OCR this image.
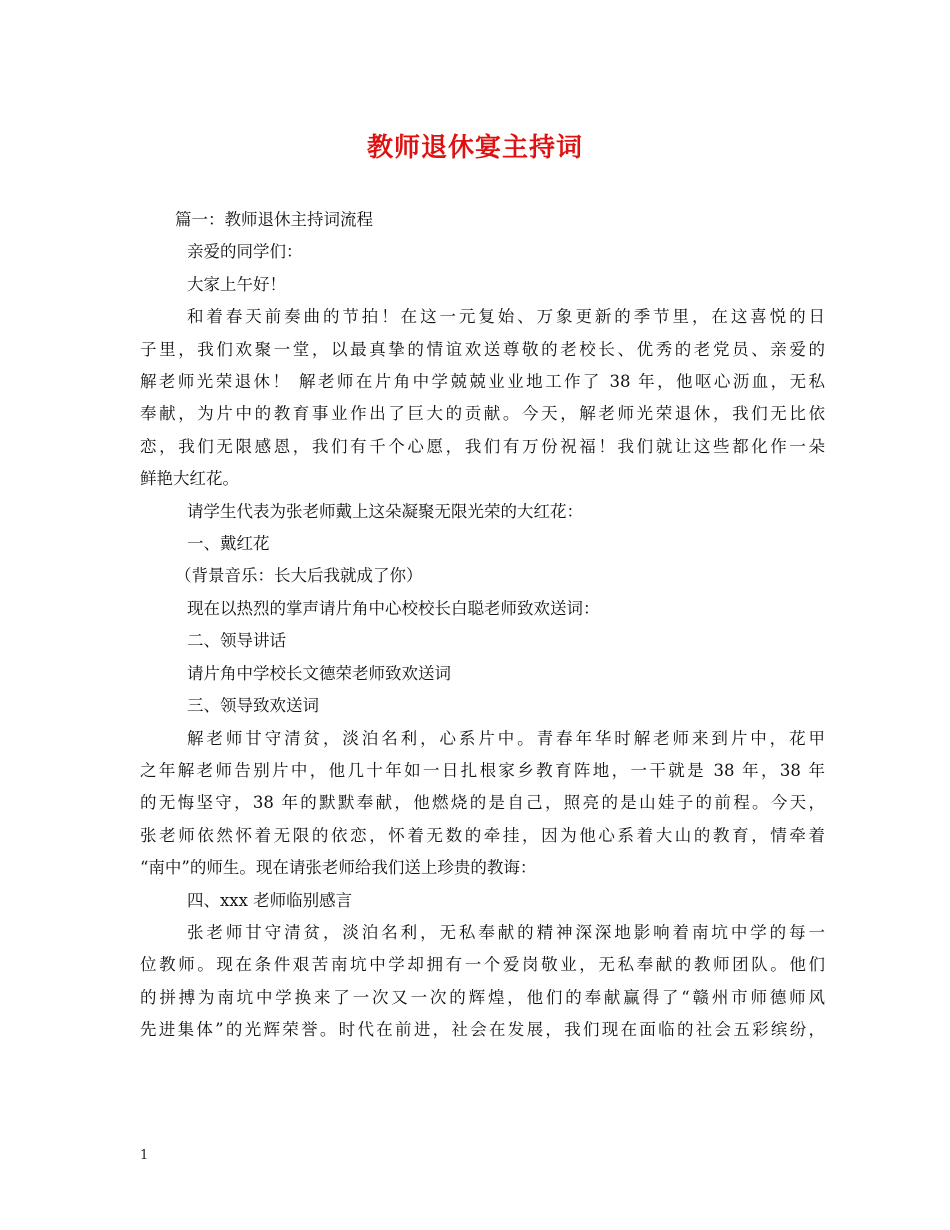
教师退休宴主持词
篇一：教师退休主持词流程
亲爱的同学们：
大家上午好！
和着春天前奏曲的节拍！在这一元复始、万象更新的季节里，在这喜悦的日
子里，我们欢聚一堂，以最真挚的情谊欢送尊敬的老校长、优秀的老党员、亲爱的
解老师光荣退休！ 解老师在片角中学兢兢业业地工作了 38 年，他呕心沥血，无私
奉献，为片中的教育事业作出了巨大的贡献。今天，解老师光荣退休，我们无比依
恋，我们无限感恩，我们有千个心愿，我们有万份祝福！我们就让这些都化作一朵
鲜艳大红花。
请学生代表为张老师戴上这朵凝聚无限光荣的大红花：
一、戴红花
（背景音乐：长大后我就成了你）
现在以热烈的掌声请片角中心校校长白聪老师致欢送词：
二、领导讲话
请片角中学校长文德荣老师致欢送词
三、领导致欢送词
解老师甘守清贫，淡泊名利，心系片中。青春年华时解老师来到片中，花甲
之年解老师告别片中，他几十年如一日扎根家乡教育阵地，一干就是 38 年，38 年
的无悔坚守，38 年的默默奉献，他燃烧的是自己，照亮的是山娃子的前程。今天，
张老师依然怀着无限的依恋，怀着无数的牵挂，因为他心系着大山的教育，情牵着
“南中”的师生。现在请张老师给我们送上珍贵的教诲：
四、xxx 老师临别感言
张老师甘守清贫，淡泊名利，无私奉献的精神深深地影响着南坑中学的每一
位教师。现在条件艰苦南坑中学却拥有一个爱岗敬业，无私奉献的教师团队。他们
的拼搏为南坑中学换来了一次又一次的辉煌，他们的奉献赢得了“赣州市师德师风
先进集体”的光辉荣誉。时代在前进，社会在发展，我们现在面临的社会五彩缤纷，
1
